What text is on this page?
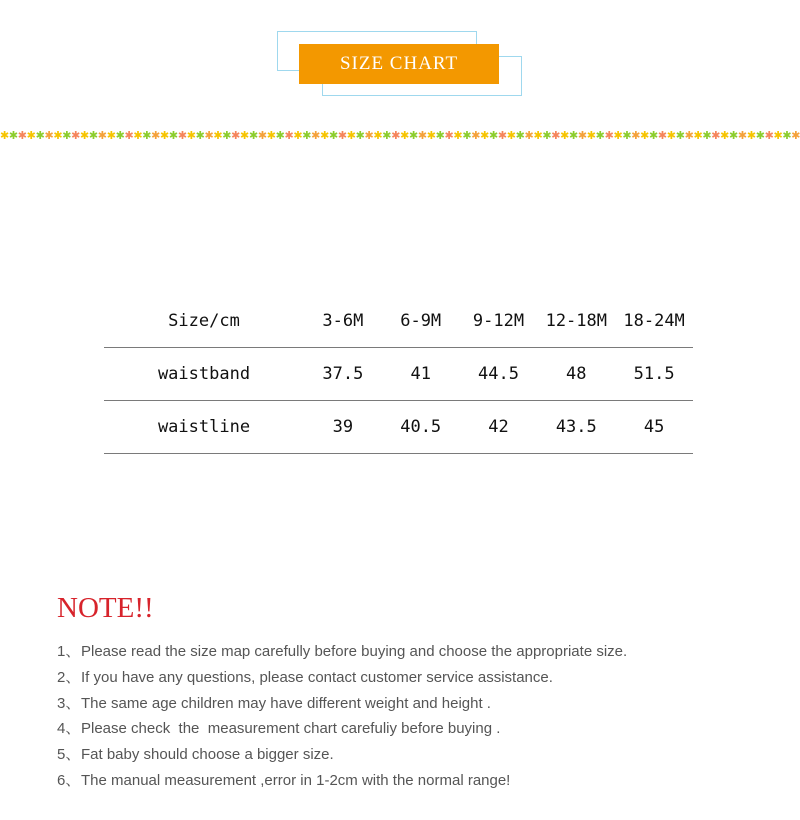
SIZE CHART
✱✱✱✱✱✱✱✱✱✱✱✱✱✱✱✱✱✱✱✱✱✱✱✱✱✱✱✱✱✱✱✱✱✱✱✱✱✱✱✱✱✱✱✱✱✱✱✱✱✱✱✱✱✱✱✱✱✱✱✱✱✱✱✱✱✱✱✱✱✱✱✱✱✱✱✱✱✱✱✱✱✱✱✱✱✱✱✱✱✱
Size/cm	3-6M	6-9M	9-12M	12-18M	18-24M
waistband	37.5	41	44.5	48	51.5
waistline	39	40.5	42	43.5	45
NOTE!!
1、Please read the size map carefully before buying and choose the appropriate size.
2、If you have any questions, please contact customer service assistance.
3、The same age children may have different weight and height .
4、Please check  the  measurement chart carefuliy before buying .
5、Fat baby should choose a bigger size.
6、The manual measurement ,error in 1-2cm with the normal range!
